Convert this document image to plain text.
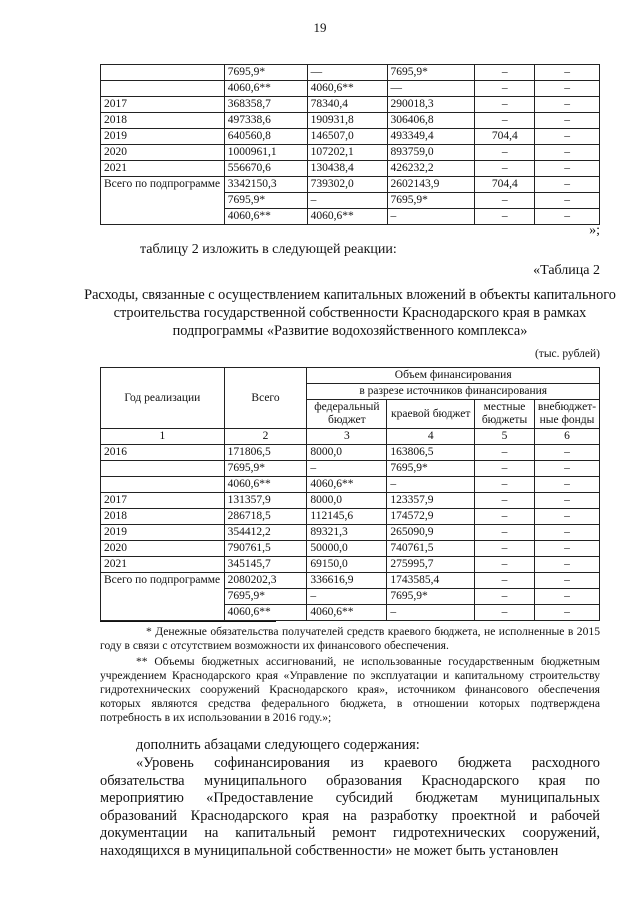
19
	7695,9*	—	7695,9*	–	–
	4060,6**	4060,6**	—	–	–
2017	368358,7	78340,4	290018,3	–	–
2018	497338,6	190931,8	306406,8	–	–
2019	640560,8	146507,0	493349,4	704,4	–
2020	1000961,1	107202,1	893759,0	–	–
2021	556670,6	130438,4	426232,2	–	–
Всего по подпрограмме	3342150,3	739302,0	2602143,9	704,4	–
	7695,9*	–	7695,9*	–	–
	4060,6**	4060,6**	–	–	–
»;
таблицу 2 изложить в следующей реакции:
«Таблица 2
Расходы, связанные с осуществлением капитальных вложений в объекты капитального строительства государственной собственности Краснодарского края в рамках подпрограммы «Развитие водохозяйственного комплекса»
(тыс. рублей)
Год реализации	Всего	Объем финансирования			
		в разрезе источников финансирования			
		федеральный бюджет	краевой бюджет	местные бюджеты	внебюджет-ные фонды
1	2	3	4	5	6
2016	171806,5	8000,0	163806,5	–	–
	7695,9*	–	7695,9*	–	–
	4060,6**	4060,6**	–	–	–
2017	131357,9	8000,0	123357,9	–	–
2018	286718,5	112145,6	174572,9	–	–
2019	354412,2	89321,3	265090,9	–	–
2020	790761,5	50000,0	740761,5	–	–
2021	345145,7	69150,0	275995,7	–	–
Всего по подпрограмме	2080202,3	336616,9	1743585,4	–	–
	7695,9*	–	7695,9*	–	–
	4060,6**	4060,6**	–	–	–
* Денежные обязательства получателей средств краевого бюджета, не исполненные в 2015 году в связи с отсутствием возможности их финансового обеспечения.
** Объемы бюджетных ассигнований, не использованные государственным бюджетным учреждением Краснодарского края «Управление по эксплуатации и капитальному строительству гидротехнических сооружений Краснодарского края», источником финансового обеспечения которых являются средства федерального бюджета, в отношении которых подтверждена потребность в их использовании в 2016 году.»;
дополнить абзацами следующего содержания:
«Уровень софинансирования из краевого бюджета расходного обязательства муниципального образования Краснодарского края по мероприятию «Предоставление субсидий бюджетам муниципальных образований Краснодарского края на разработку проектной и рабочей документации на капитальный ремонт гидротехнических сооружений, находящихся в муниципальной собственности» не может быть установлен
